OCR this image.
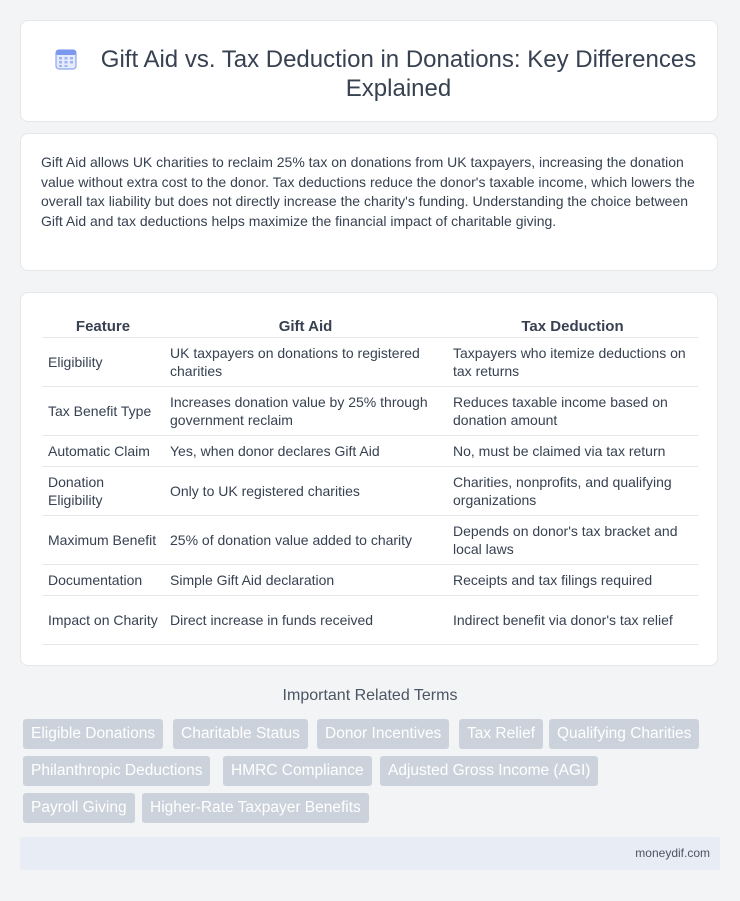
Gift Aid vs. Tax Deduction in Donations: Key Differences Explained

Gift Aid allows UK charities to reclaim 25% tax on donations from UK taxpayers, increasing the donation value without extra cost to the donor. Tax deductions reduce the donor's taxable income, which lowers the overall tax liability but does not directly increase the charity's funding. Understanding the choice between Gift Aid and tax deductions helps maximize the financial impact of charitable giving.

Feature	Gift Aid	Tax Deduction
Eligibility	UK taxpayers on donations to registered charities	Taxpayers who itemize deductions on tax returns
Tax Benefit Type	Increases donation value by 25% through government reclaim	Reduces taxable income based on donation amount
Automatic Claim	Yes, when donor declares Gift Aid	No, must be claimed via tax return
Donation Eligibility	Only to UK registered charities	Charities, nonprofits, and qualifying organizations
Maximum Benefit	25% of donation value added to charity	Depends on donor's tax bracket and local laws
Documentation	Simple Gift Aid declaration	Receipts and tax filings required
Impact on Charity	Direct increase in funds received	Indirect benefit via donor's tax relief
Important Related Terms
Eligible Donations	Charitable Status	Donor Incentives	Tax Relief	Qualifying Charities
Philanthropic Deductions	HMRC Compliance	Adjusted Gross Income (AGI)
Payroll Giving	Higher-Rate Taxpayer Benefits
moneydif.com
